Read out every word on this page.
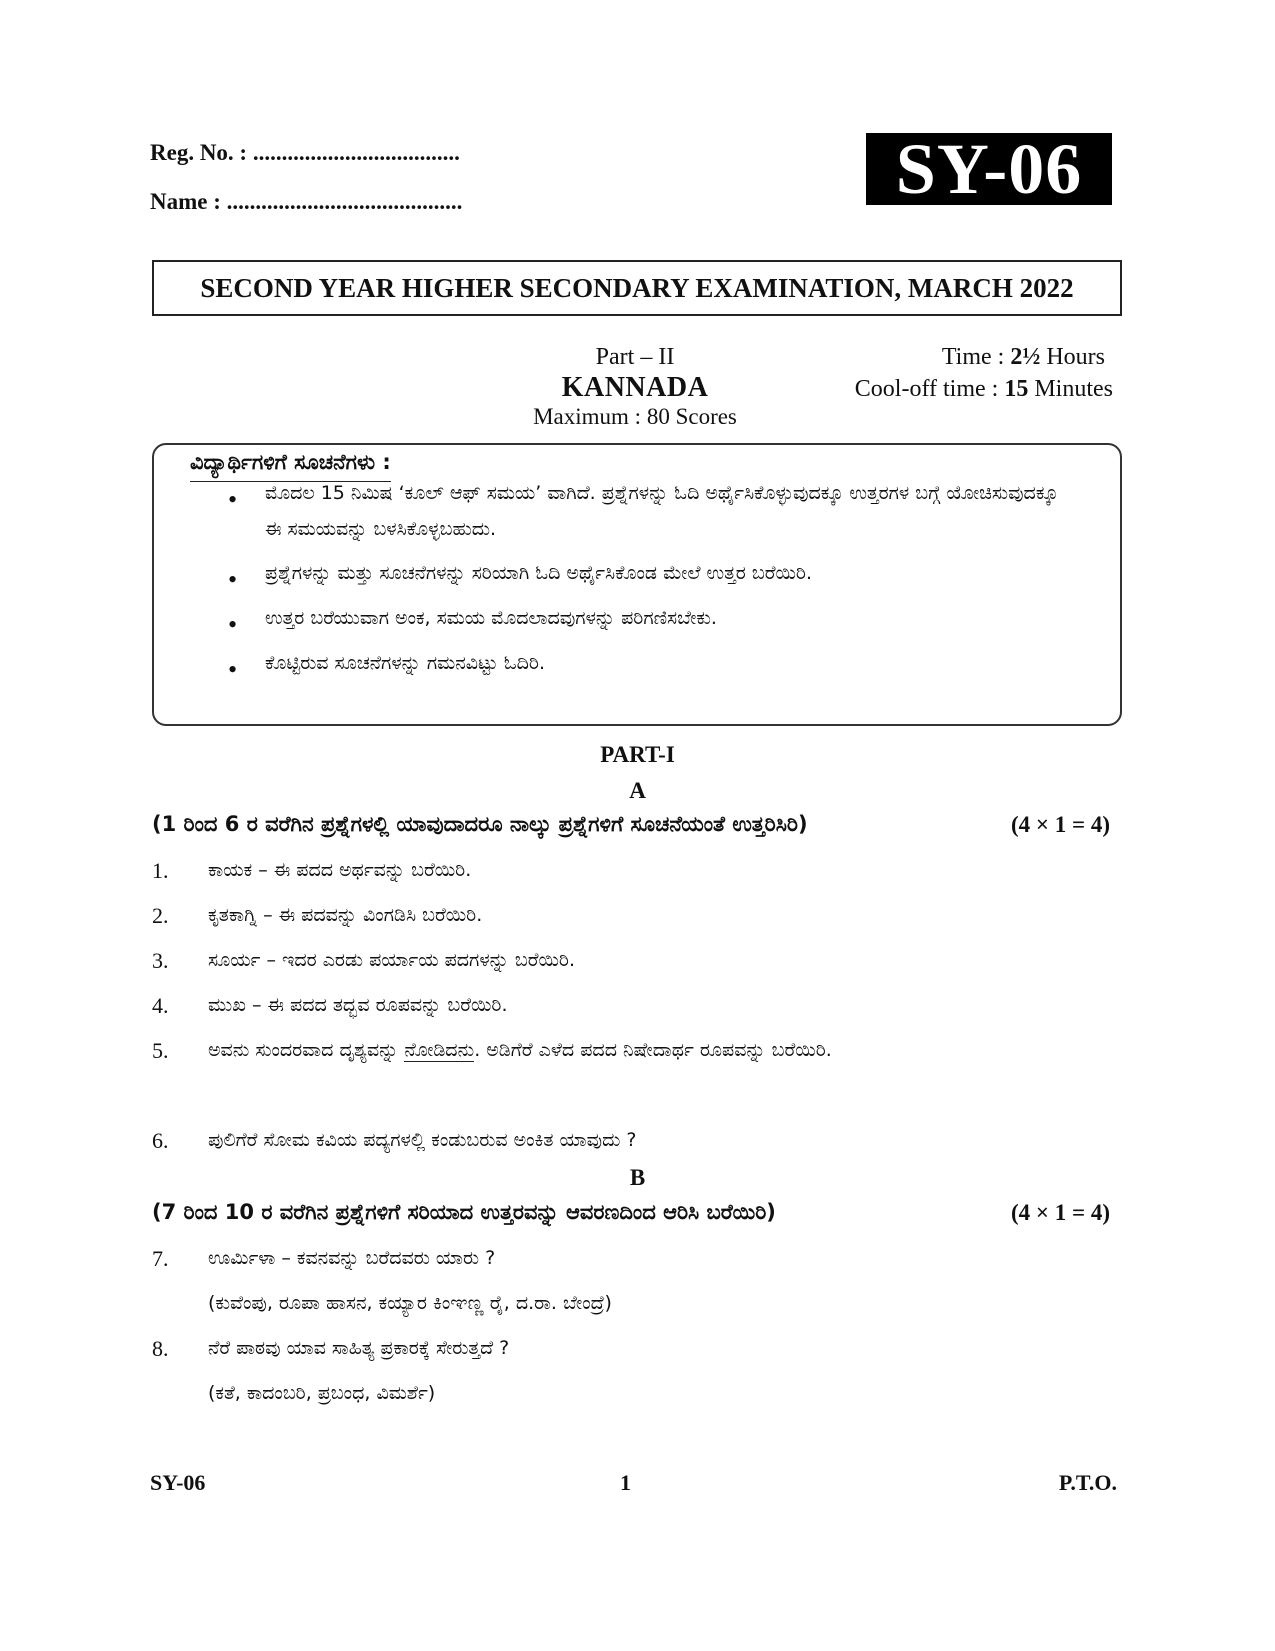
Reg. No. : ....................................
Name : .........................................	SY-06
SECOND YEAR HIGHER SECONDARY EXAMINATION, MARCH 2022
Part – II
KANNADA
Maximum : 80 Scores
Time : 2½ Hours
Cool-off time : 15 Minutes
ವಿದ್ಯಾರ್ಥಿಗಳಿಗೆ ಸೂಚನೆಗಳು :
• ಮೊದಲ 15 ನಿಮಿಷ ‘ಕೂಲ್ ಆಫ್ ಸಮಯ’ ವಾಗಿದೆ. ಪ್ರಶ್ನೆಗಳನ್ನು ಓದಿ ಅರ್ಥೈಸಿಕೊಳ್ಳುವುದಕ್ಕೂ ಉತ್ತರಗಳ ಬಗ್ಗೆ ಯೋಚಿಸುವುದಕ್ಕೂ ಈ ಸಮಯವನ್ನು ಬಳಸಿಕೊಳ್ಳಬಹುದು.
• ಪ್ರಶ್ನೆಗಳನ್ನು ಮತ್ತು ಸೂಚನೆಗಳನ್ನು ಸರಿಯಾಗಿ ಓದಿ ಅರ್ಥೈಸಿಕೊಂಡ ಮೇಲೆ ಉತ್ತರ ಬರೆಯಿರಿ.
• ಉತ್ತರ ಬರೆಯುವಾಗ ಅಂಕ, ಸಮಯ ಮೊದಲಾದವುಗಳನ್ನು ಪರಿಗಣಿಸಬೇಕು.
• ಕೊಟ್ಟಿರುವ ಸೂಚನೆಗಳನ್ನು ಗಮನವಿಟ್ಟು ಓದಿರಿ.
PART-I
A
(1 ರಿಂದ 6 ರ ವರೆಗಿನ ಪ್ರಶ್ನೆಗಳಲ್ಲಿ ಯಾವುದಾದರೂ ನಾಲ್ಕು ಪ್ರಶ್ನೆಗಳಿಗೆ ಸೂಚನೆಯಂತೆ ಉತ್ತರಿಸಿರಿ)	(4 × 1 = 4)
1. ಕಾಯಕ – ಈ ಪದದ ಅರ್ಥವನ್ನು ಬರೆಯಿರಿ.
2. ಕೃತಕಾಗ್ನಿ – ಈ ಪದವನ್ನು ವಿಂಗಡಿಸಿ ಬರೆಯಿರಿ.
3. ಸೂರ್ಯ – ಇದರ ಎರಡು ಪರ್ಯಾಯ ಪದಗಳನ್ನು ಬರೆಯಿರಿ.
4. ಮುಖ – ಈ ಪದದ ತದ್ಭವ ರೂಪವನ್ನು ಬರೆಯಿರಿ.
5. ಅವನು ಸುಂದರವಾದ ದೃಶ್ಯವನ್ನು ನೋಡಿದನು. ಅಡಿಗೆರೆ ಎಳೆದ ಪದದ ನಿಷೇದಾರ್ಥ ರೂಪವನ್ನು ಬರೆಯಿರಿ.
6. ಪುಲಿಗೆರೆ ಸೋಮ ಕವಿಯ ಪದ್ಯಗಳಲ್ಲಿ ಕಂಡುಬರುವ ಅಂಕಿತ ಯಾವುದು ?
B
(7 ರಿಂದ 10 ರ ವರೆಗಿನ ಪ್ರಶ್ನೆಗಳಿಗೆ ಸರಿಯಾದ ಉತ್ತರವನ್ನು ಆವರಣದಿಂದ ಆರಿಸಿ ಬರೆಯಿರಿ)	(4 × 1 = 4)
7. ಊರ್ಮಿಳಾ – ಕವನವನ್ನು ಬರೆದವರು ಯಾರು ?
(ಕುವೆಂಪು, ರೂಪಾ ಹಾಸನ, ಕಯ್ಯಾರ ಕಿಂಞಣ್ಣ ರೈ, ದ.ರಾ. ಬೇಂದ್ರೆ)
8. ನೆರೆ ಪಾಠವು ಯಾವ ಸಾಹಿತ್ಯ ಪ್ರಕಾರಕ್ಕೆ ಸೇರುತ್ತದೆ ?
(ಕತೆ, ಕಾದಂಬರಿ, ಪ್ರಬಂಧ, ವಿಮರ್ಶೆ)
SY-06	1	P.T.O.
